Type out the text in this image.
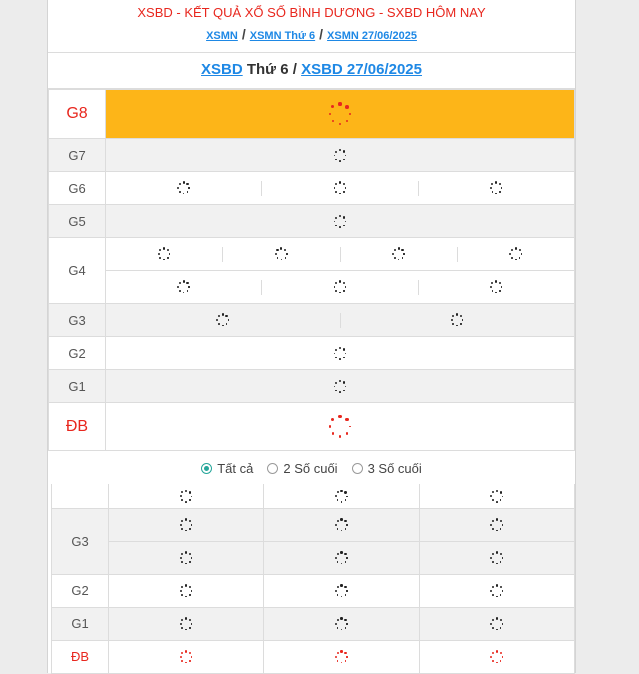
XSBD - KẾT QUẢ XỔ SỐ BÌNH DƯƠNG - SXBD HÔM NAY
XSMN / XSMN Thứ 6 / XSMN 27/06/2025
XSBD Thứ 6 / XSBD 27/06/2025
G8	

G7	

G6	

G5	

G4	

G3	

G2	

G1	

ĐB	
Tất cả 2 Số cuối 3 Số cuối

G3	

G2	

G1	

ĐB	
